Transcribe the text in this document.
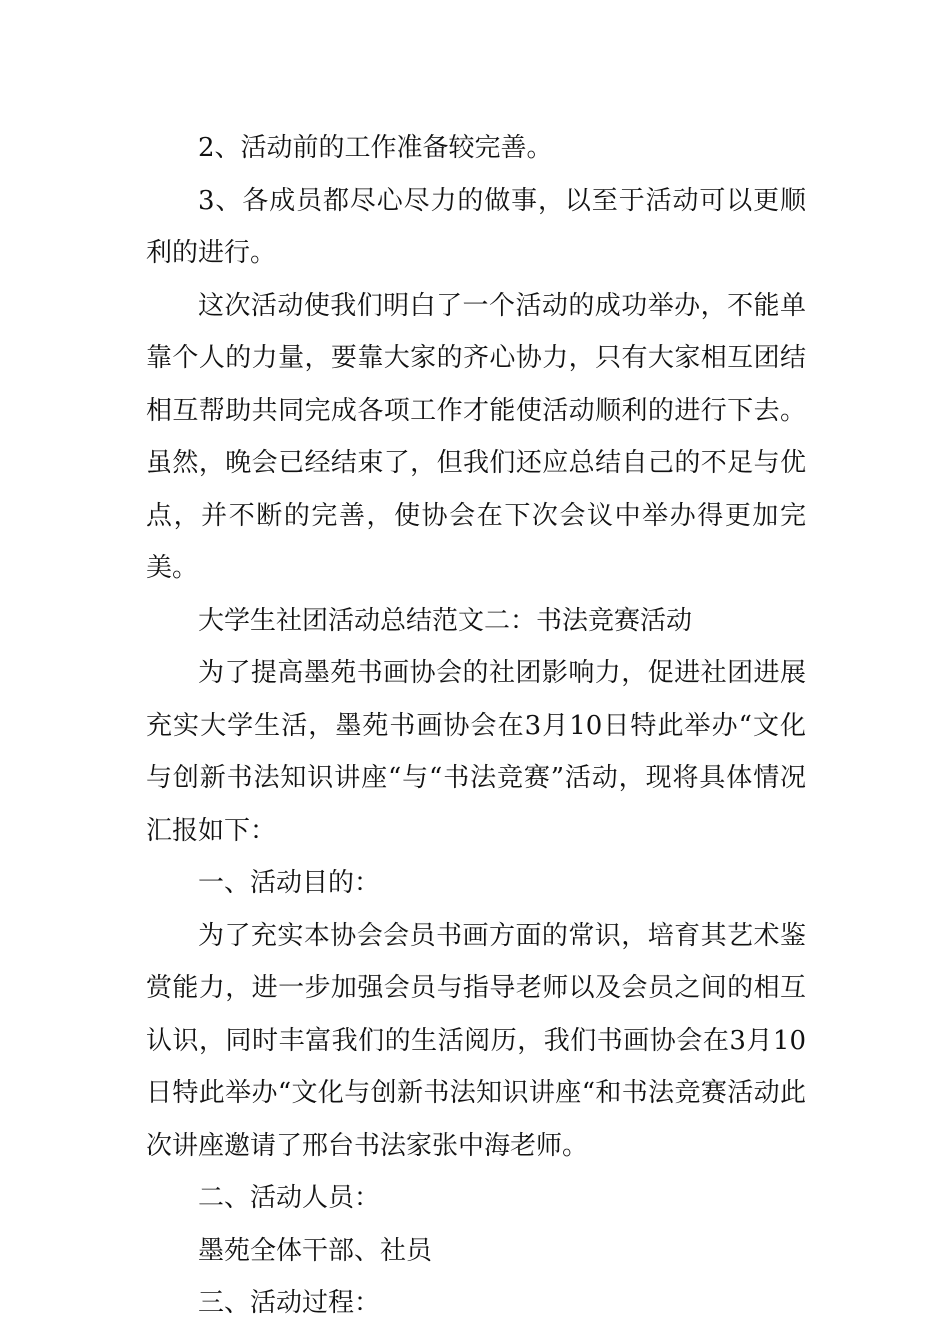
2、活动前的工作准备较完善。

3、各成员都尽心尽力的做事，以至于活动可以更顺利的进行。

这次活动使我们明白了一个活动的成功举办，不能单靠个人的力量，要靠大家的齐心协力，只有大家相互团结相互帮助共同完成各项工作才能使活动顺利的进行下去。虽然，晚会已经结束了，但我们还应总结自己的不足与优点，并不断的完善，使协会在下次会议中举办得更加完美。

大学生社团活动总结范文二：书法竞赛活动

为了提高墨苑书画协会的社团影响力，促进社团进展充实大学生活，墨苑书画协会在3月10日特此举办“文化与创新书法知识讲座“与“书法竞赛”活动，现将具体情况汇报如下：

一、活动目的：

为了充实本协会会员书画方面的常识，培育其艺术鉴赏能力，进一步加强会员与指导老师以及会员之间的相互认识，同时丰富我们的生活阅历，我们书画协会在3月10日特此举办“文化与创新书法知识讲座“和书法竞赛活动此次讲座邀请了邢台书法家张中海老师。

二、活动人员：

墨苑全体干部、社员

三、活动过程：
